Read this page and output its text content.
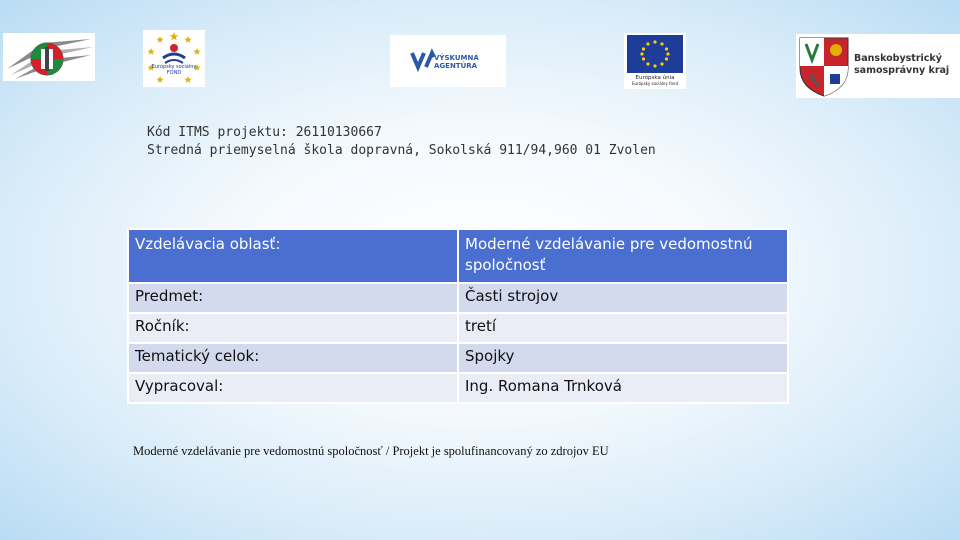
Európsky sociálny
FOND
VÝSKUMNÁ
AGENTÚRA
Európska únia
Európsky sociálny fond
Banskobystrický
samosprávny kraj
Kód ITMS projektu: 26110130667
Stredná priemyselná škola dopravná, Sokolská 911/94,960 01 Zvolen
Vzdelávacia oblasť:	Moderné vzdelávanie pre vedomostnú spoločnosť
Predmet:	Časti strojov
Ročník:	tretí
Tematický celok:	Spojky
Vypracoval:	Ing. Romana Trnková
Moderné vzdelávanie pre vedomostnú spoločnosť / Projekt je spolufinancovaný zo zdrojov EU
